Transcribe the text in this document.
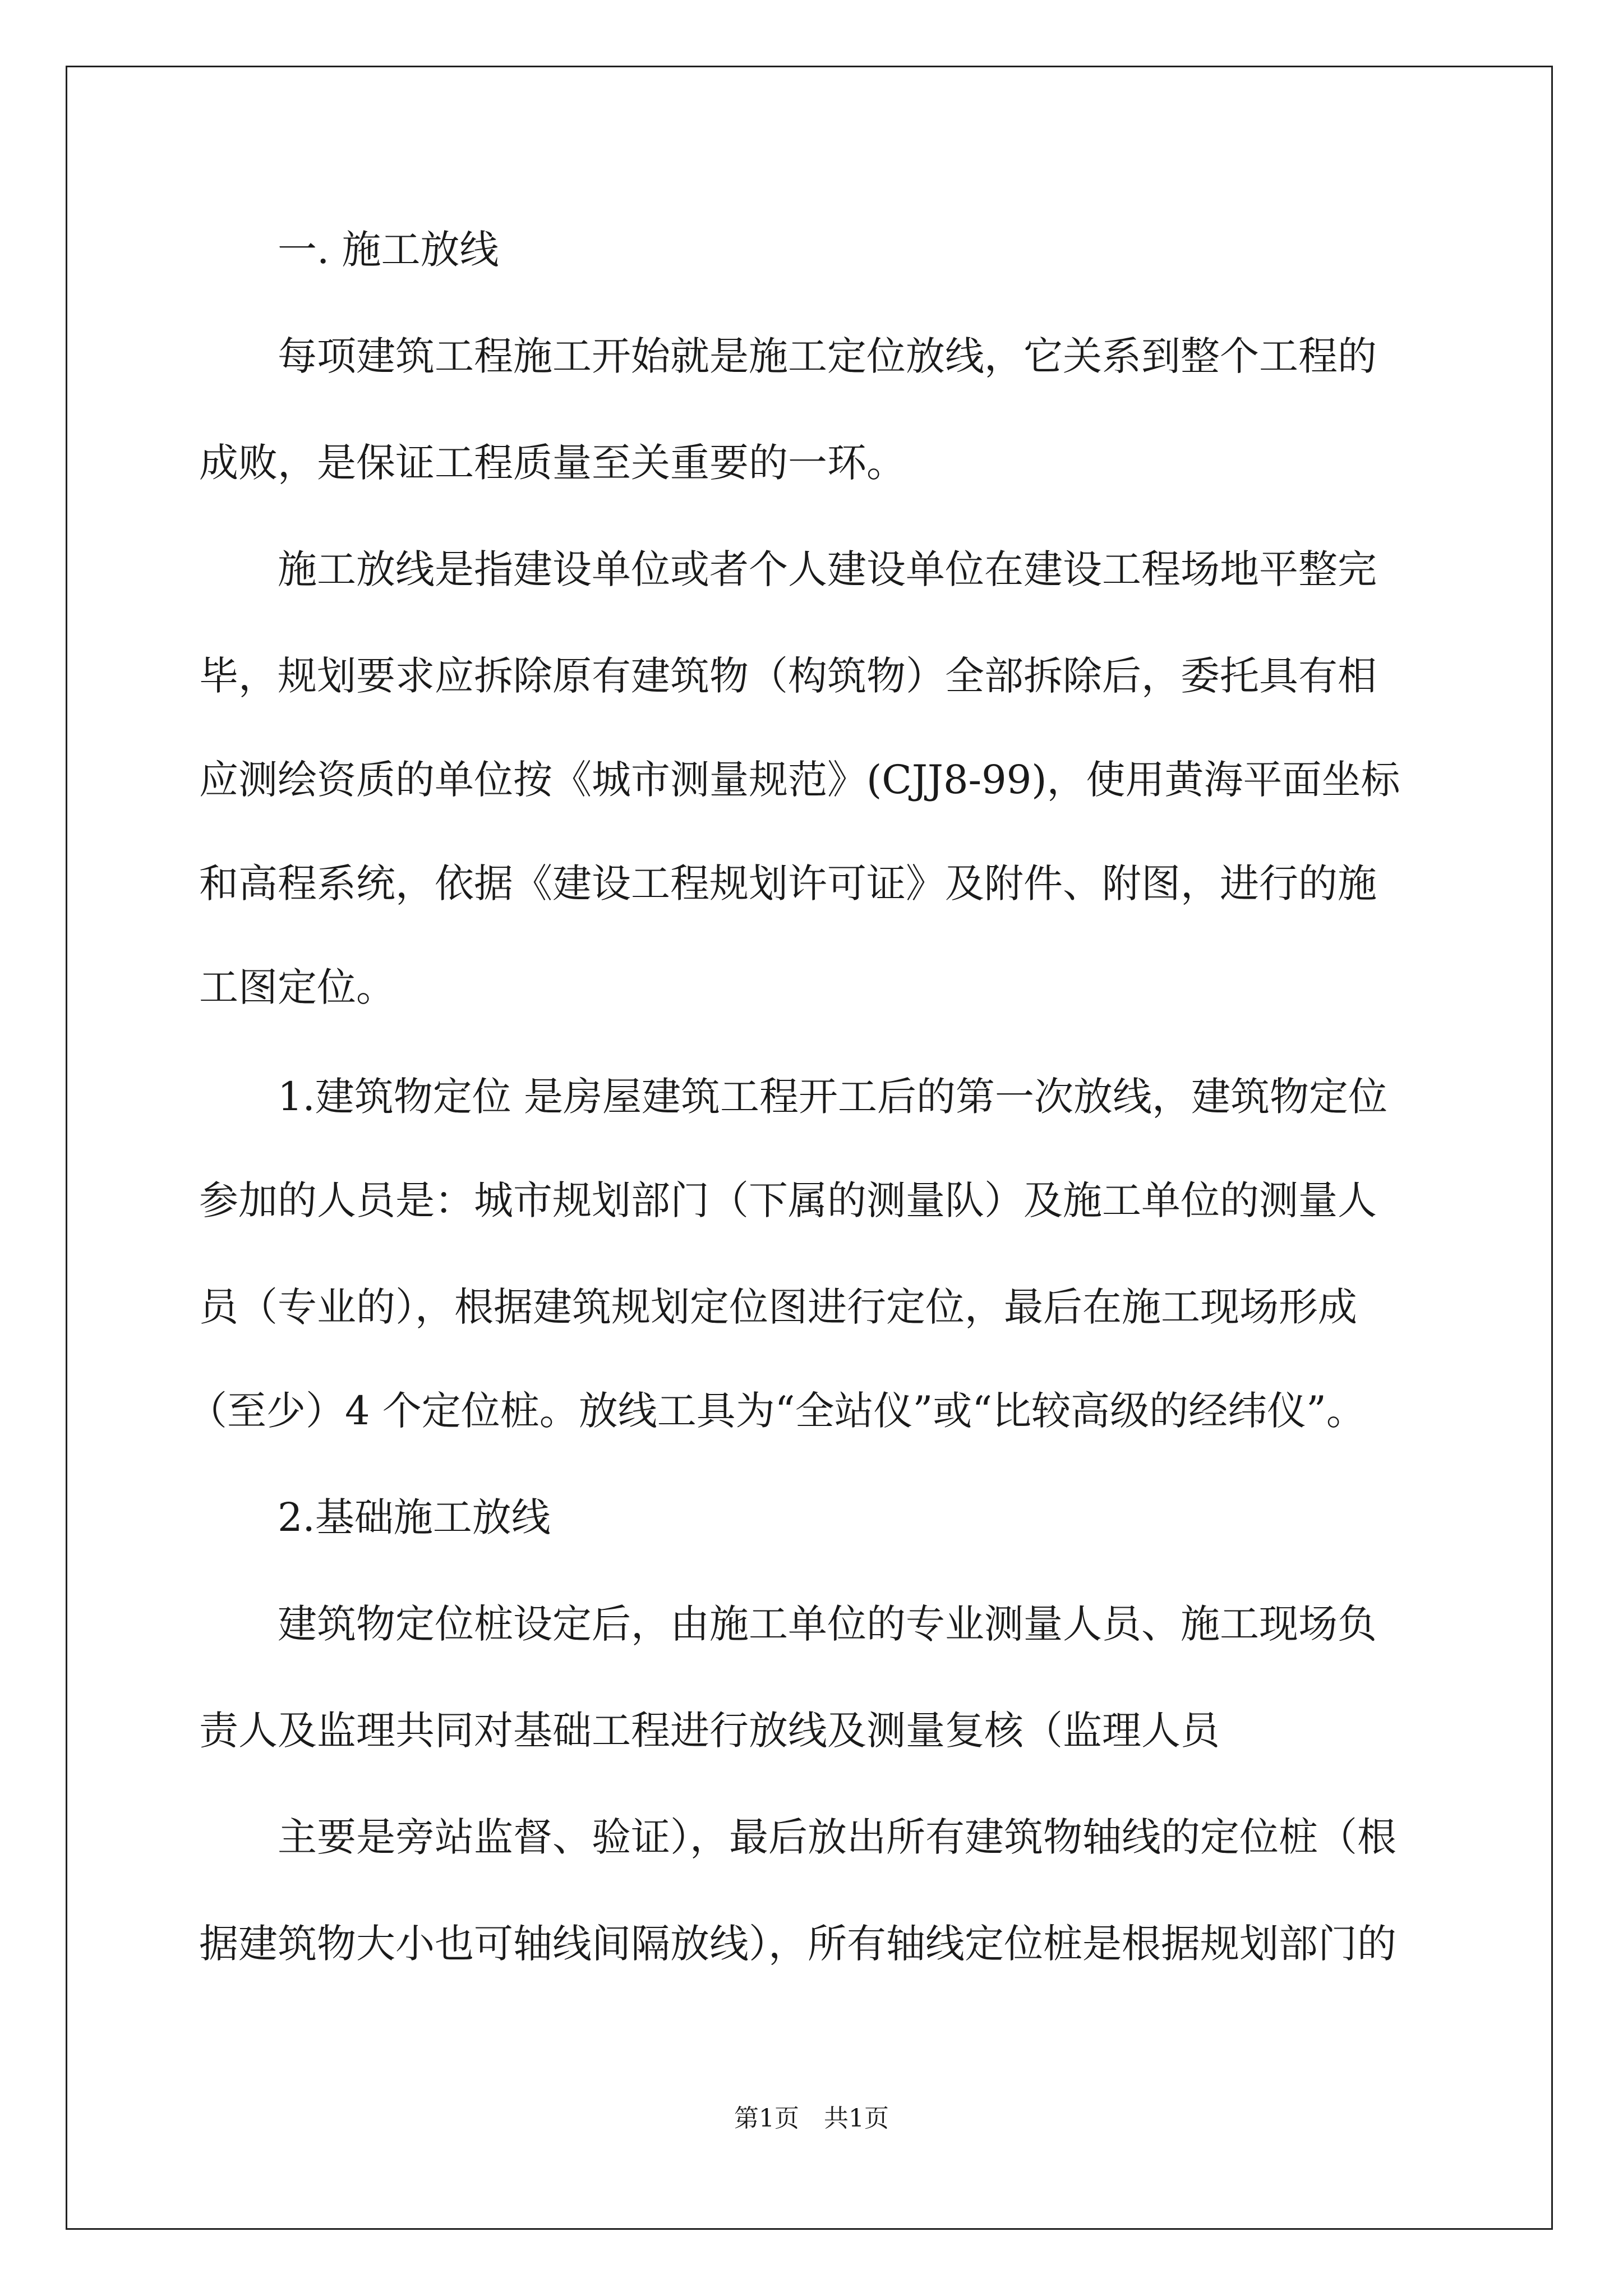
一. 施工放线
每项建筑工程施工开始就是施工定位放线，它关系到整个工程的
成败，是保证工程质量至关重要的一环。
施工放线是指建设单位或者个人建设单位在建设工程场地平整完
毕，规划要求应拆除原有建筑物（构筑物）全部拆除后，委托具有相
应测绘资质的单位按《城市测量规范》(CJJ8-99)，使用黄海平面坐标
和高程系统，依据《建设工程规划许可证》及附件、附图，进行的施
工图定位。
1.建筑物定位 是房屋建筑工程开工后的第一次放线，建筑物定位
参加的人员是：城市规划部门（下属的测量队）及施工单位的测量人
员（专业的），根据建筑规划定位图进行定位，最后在施工现场形成
（至少）4 个定位桩。放线工具为“全站仪”或“比较高级的经纬仪”。
2.基础施工放线
建筑物定位桩设定后，由施工单位的专业测量人员、施工现场负
责人及监理共同对基础工程进行放线及测量复核（监理人员
主要是旁站监督、验证），最后放出所有建筑物轴线的定位桩（根
据建筑物大小也可轴线间隔放线），所有轴线定位桩是根据规划部门的
第1页　共1页
